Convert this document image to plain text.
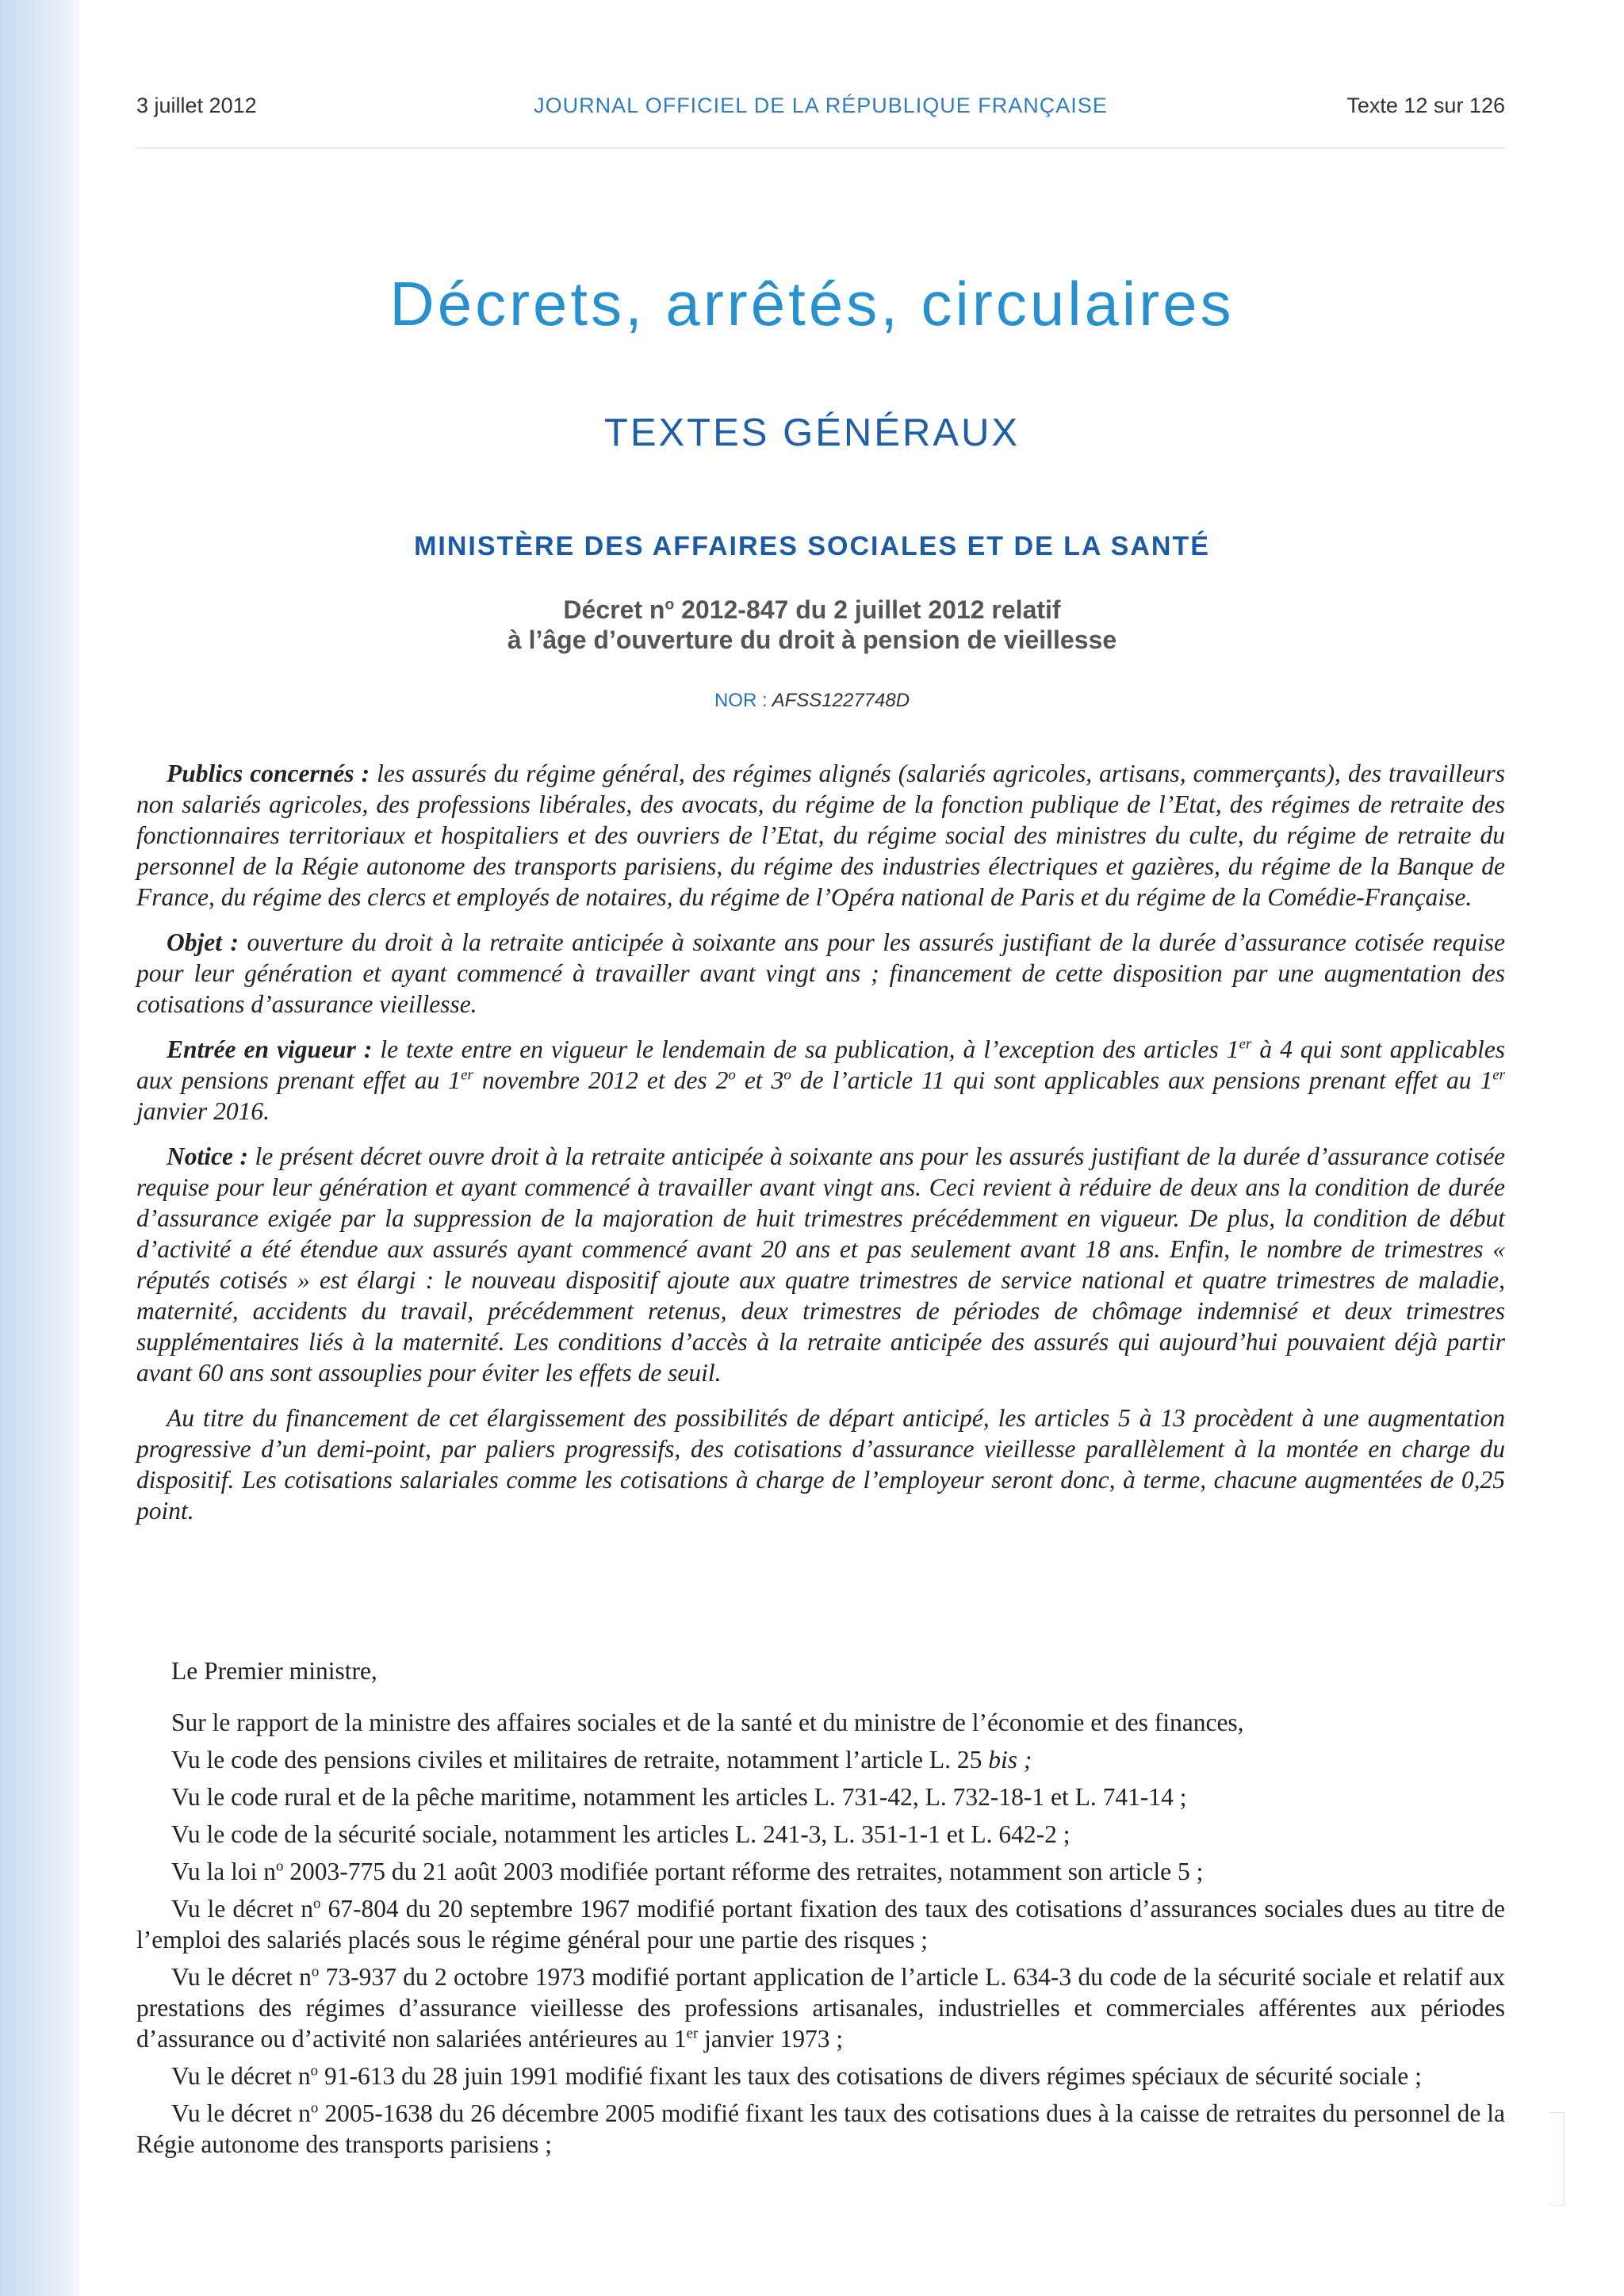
3 juillet 2012	JOURNAL OFFICIEL DE LA RÉPUBLIQUE FRANÇAISE	Texte 12 sur 126
Décrets, arrêtés, circulaires
TEXTES GÉNÉRAUX
MINISTÈRE DES AFFAIRES SOCIALES ET DE LA SANTÉ
Décret $n^o$ 2012-847 du 2 juillet 2012 relatif
à l’âge d’ouverture du droit à pension de vieillesse
NOR : AFSS1227748D

Publics concernés : les assurés du régime général, des régimes alignés (salariés agricoles, artisans, commerçants), des travailleurs non salariés agricoles, des professions libérales, des avocats, du régime de la fonction publique de l’Etat, des régimes de retraite des fonctionnaires territoriaux et hospitaliers et des ouvriers de l’Etat, du régime social des ministres du culte, du régime de retraite du personnel de la Régie autonome des transports parisiens, du régime des industries électriques et gazières, du régime de la Banque de France, du régime des clercs et employés de notaires, du régime de l’Opéra national de Paris et du régime de la Comédie-Française.

Objet : ouverture du droit à la retraite anticipée à soixante ans pour les assurés justifiant de la durée d’assurance cotisée requise pour leur génération et ayant commencé à travailler avant vingt ans ; financement de cette disposition par une augmentation des cotisations d’assurance vieillesse.

Entrée en vigueur : le texte entre en vigueur le lendemain de sa publication, à l’exception des articles 1er à 4 qui sont applicables aux pensions prenant effet au 1er novembre 2012 et des 2$^o$ et 3$^o$ de l’article 11 qui sont applicables aux pensions prenant effet au 1er janvier 2016.

Notice : le présent décret ouvre droit à la retraite anticipée à soixante ans pour les assurés justifiant de la durée d’assurance cotisée requise pour leur génération et ayant commencé à travailler avant vingt ans. Ceci revient à réduire de deux ans la condition de durée d’assurance exigée par la suppression de la majoration de huit trimestres précédemment en vigueur. De plus, la condition de début d’activité a été étendue aux assurés ayant commencé avant 20 ans et pas seulement avant 18 ans. Enfin, le nombre de trimestres « réputés cotisés » est élargi : le nouveau dispositif ajoute aux quatre trimestres de service national et quatre trimestres de maladie, maternité, accidents du travail, précédemment retenus, deux trimestres de périodes de chômage indemnisé et deux trimestres supplémentaires liés à la maternité. Les conditions d’accès à la retraite anticipée des assurés qui aujourd’hui pouvaient déjà partir avant 60 ans sont assouplies pour éviter les effets de seuil.

Au titre du financement de cet élargissement des possibilités de départ anticipé, les articles 5 à 13 procèdent à une augmentation progressive d’un demi-point, par paliers progressifs, des cotisations d’assurance vieillesse parallèlement à la montée en charge du dispositif. Les cotisations salariales comme les cotisations à charge de l’employeur seront donc, à terme, chacune augmentées de 0,25 point.

Le Premier ministre,

Sur le rapport de la ministre des affaires sociales et de la santé et du ministre de l’économie et des finances,

Vu le code des pensions civiles et militaires de retraite, notamment l’article L. 25 bis ;

Vu le code rural et de la pêche maritime, notamment les articles L. 731-42, L. 732-18-1 et L. 741-14 ;

Vu le code de la sécurité sociale, notamment les articles L. 241-3, L. 351-1-1 et L. 642-2 ;

Vu la loi $n^o$ 2003-775 du 21 août 2003 modifiée portant réforme des retraites, notamment son article 5 ;

Vu le décret $n^o$ 67-804 du 20 septembre 1967 modifié portant fixation des taux des cotisations d’assurances sociales dues au titre de l’emploi des salariés placés sous le régime général pour une partie des risques ;

Vu le décret $n^o$ 73-937 du 2 octobre 1973 modifié portant application de l’article L. 634-3 du code de la sécurité sociale et relatif aux prestations des régimes d’assurance vieillesse des professions artisanales, industrielles et commerciales afférentes aux périodes d’assurance ou d’activité non salariées antérieures au 1er janvier 1973 ;

Vu le décret $n^o$ 91-613 du 28 juin 1991 modifié fixant les taux des cotisations de divers régimes spéciaux de sécurité sociale ;

Vu le décret $n^o$ 2005-1638 du 26 décembre 2005 modifié fixant les taux des cotisations dues à la caisse de retraites du personnel de la Régie autonome des transports parisiens ;
